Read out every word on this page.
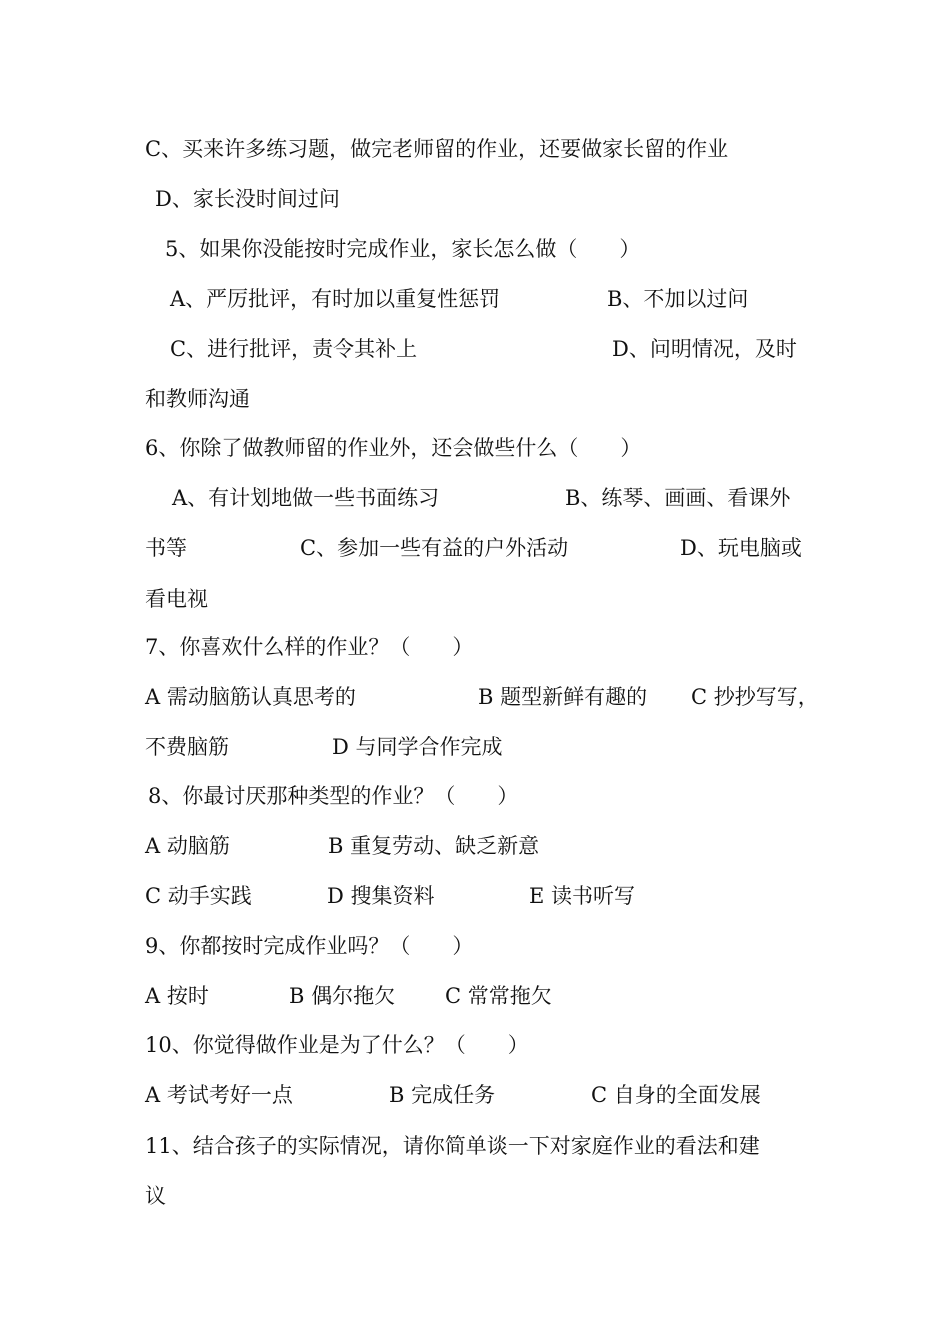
C、买来许多练习题，做完老师留的作业，还要做家长留的作业
D、家长没时间过问
5、如果你没能按时完成作业，家长怎么做（　　）
A、严厉批评，有时加以重复性惩罚	B、不加以过问
C、进行批评，责令其补上	D、问明情况，及时
和教师沟通
6、你除了做教师留的作业外，还会做些什么（　　）
A、有计划地做一些书面练习	B、练琴、画画、看课外
书等	C、参加一些有益的户外活动	D、玩电脑或
看电视
7、你喜欢什么样的作业？（　　）
A 需动脑筋认真思考的	B 题型新鲜有趣的 C 抄抄写写，
不费脑筋	D 与同学合作完成
8、你最讨厌那种类型的作业？（　　）
A 动脑筋	B 重复劳动、缺乏新意
C 动手实践	D 搜集资料	E 读书听写
9、你都按时完成作业吗？（　　）
A 按时	B 偶尔拖欠 C 常常拖欠
10、你觉得做作业是为了什么？（　　）
A 考试考好一点	B 完成任务	C 自身的全面发展
11、结合孩子的实际情况，请你简单谈一下对家庭作业的看法和建
议
